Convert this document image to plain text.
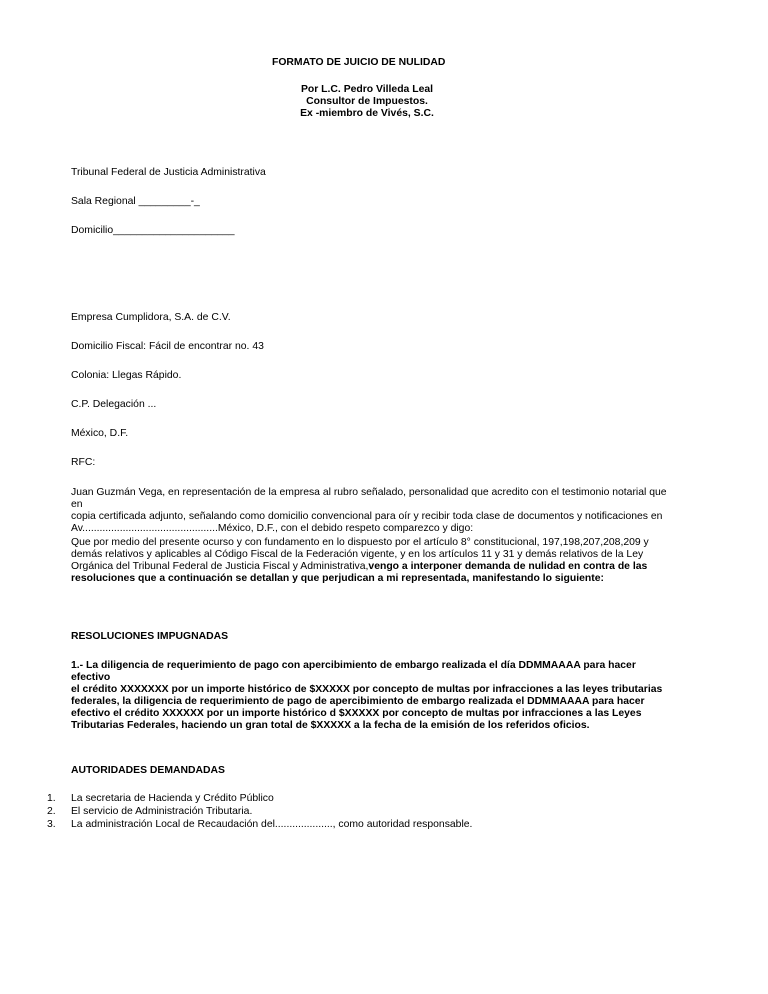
FORMATO DE JUICIO DE NULIDAD
Por L.C. Pedro Villeda Leal
Consultor de Impuestos.
Ex -miembro de Vivés, S.C.
Tribunal Federal de Justicia Administrativa
Sala Regional _________-_
Domicilio_____________________
Empresa Cumplidora, S.A. de C.V.
Domicilio Fiscal: Fácil de encontrar no. 43
Colonia: Llegas Rápido.
C.P. Delegación ...
México, D.F.
RFC:
Juan Guzmán Vega, en representación de la empresa al rubro señalado, personalidad que acredito con el testimonio notarial que en
copia certificada adjunto, señalando como domicilio convencional para oír y recibir toda clase de documentos y notificaciones en
Av...............................................México, D.F., con el debido respeto comparezco y digo:
Que por medio del presente ocurso y con fundamento en lo dispuesto por el artículo 8° constitucional, 197,198,207,208,209 y
demás relativos y aplicables al Código Fiscal de la Federación vigente, y en los artículos 11 y 31 y demás relativos de la Ley
Orgánica del Tribunal Federal de Justicia Fiscal y Administrativa,vengo a interponer demanda de nulidad en contra de las
resoluciones que a continuación se detallan y que perjudican a mi representada, manifestando lo siguiente:
RESOLUCIONES IMPUGNADAS
1.- La diligencia de requerimiento de pago con apercibimiento de embargo realizada el día DDMMAAAA para hacer efectivo
el crédito XXXXXXX por un importe histórico de $XXXXX por concepto de multas por infracciones a las leyes tributarias
federales, la diligencia de requerimiento de pago de apercibimiento de embargo realizada el DDMMAAAA para hacer
efectivo el crédito XXXXXX por un importe histórico d $XXXXX por concepto de multas por infracciones a las Leyes
Tributarias Federales, haciendo un gran total de $XXXXX a la fecha de la emisión de los referidos oficios.
AUTORIDADES DEMANDADAS
1. La secretaria de Hacienda y Crédito Público
2. El servicio de Administración Tributaria.
3. La administración Local de Recaudación del...................., como autoridad responsable.
